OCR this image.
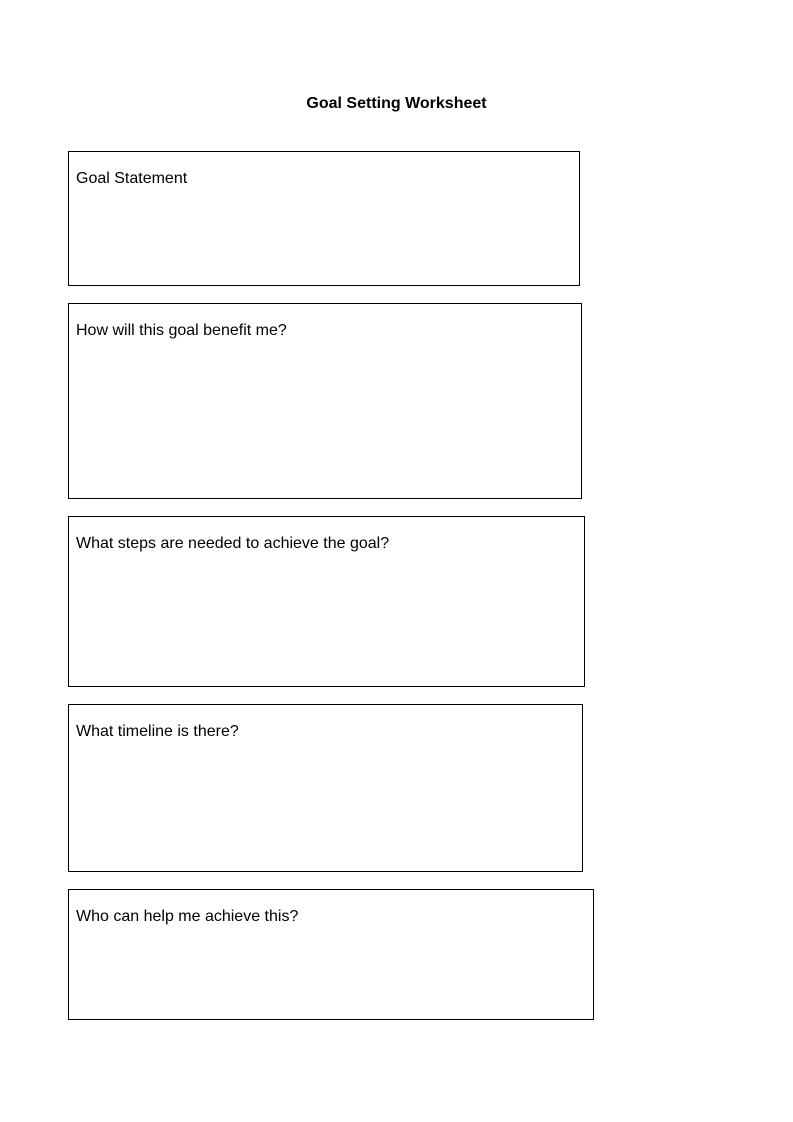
Goal Setting Worksheet
Goal Statement
How will this goal benefit me?
What steps are needed to achieve the goal?
What timeline is there?
Who can help me achieve this?
